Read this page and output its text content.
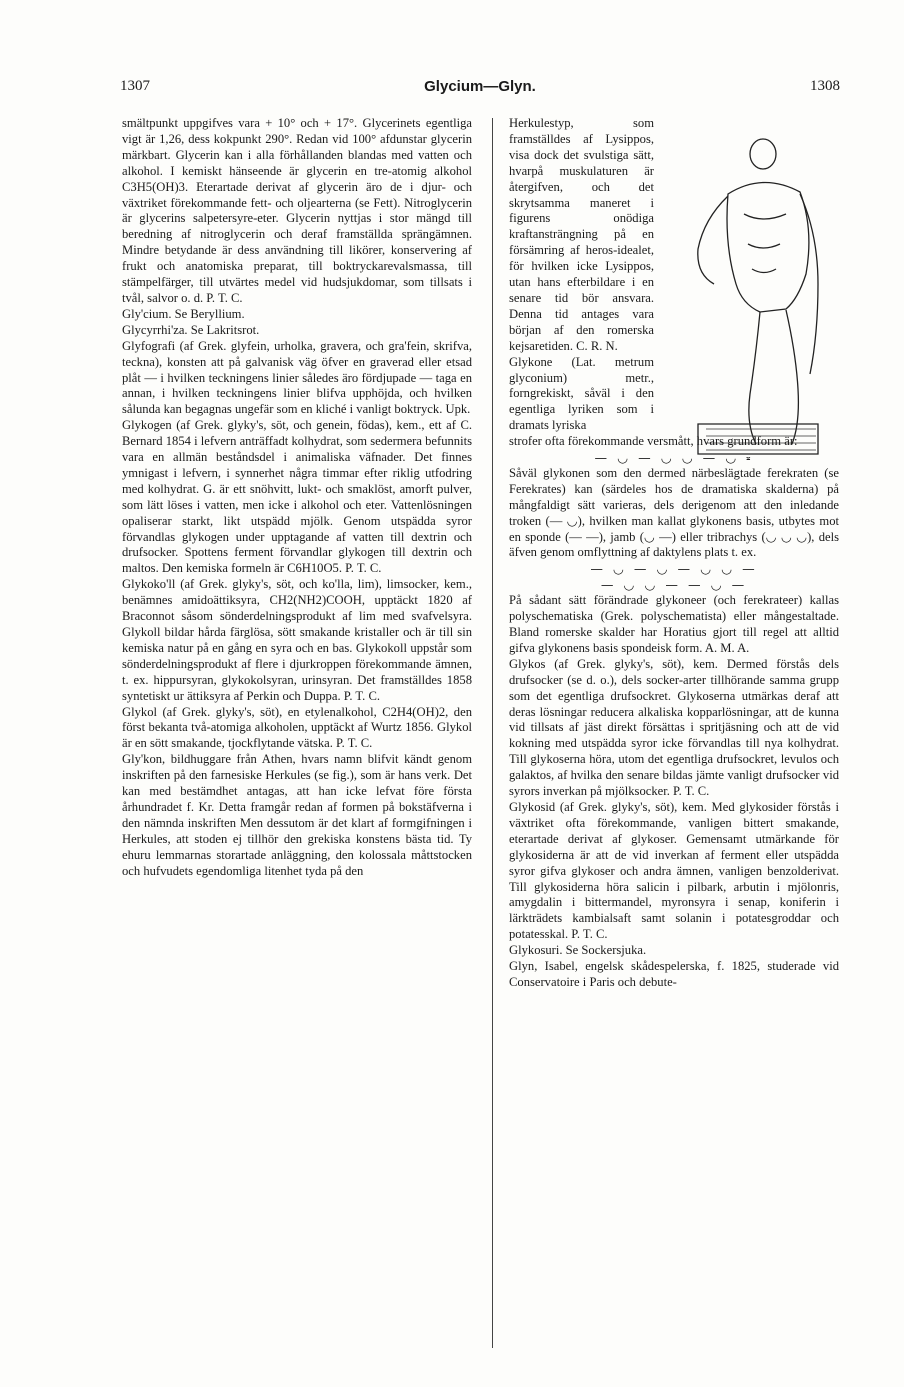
1307	Glycium—Glyn.	1308

smältpunkt uppgifves vara + 10° och + 17°. Glycerinets egentliga vigt är 1,26, dess kokpunkt 290°. Redan vid 100° afdunstar glycerin märkbart. Glycerin kan i alla förhållanden blandas med vatten och alkohol. I kemiskt hänseende är glycerin en tre-atomig alkohol C3H5(OH)3. Eterartade derivat af glycerin äro de i djur- och växtriket förekommande fett- och oljearterna (se Fett). Nitroglycerin är glycerins salpetersyre-eter. Glycerin nyttjas i stor mängd till beredning af nitroglycerin och deraf framställda sprängämnen. Mindre betydande är dess användning till likörer, konservering af frukt och anatomiska preparat, till boktryckarevalsmassa, till stämpelfärger, till utvärtes medel vid hudsjukdomar, som tillsats i tvål, salvor o. d. P. T. C.

Gly'cium. Se Beryllium.

Glycyrrhi'za. Se Lakritsrot.

Glyfografi (af Grek. glyfein, urholka, gravera, och gra'fein, skrifva, teckna), konsten att på galvanisk väg öfver en graverad eller etsad plåt — i hvilken teckningens linier således äro fördjupade — taga en annan, i hvilken teckningens linier blifva upphöjda, och hvilken sålunda kan begagnas ungefär som en kliché i vanligt boktryck. Upk.

Glykogen (af Grek. glyky's, söt, och genein, födas), kem., ett af C. Bernard 1854 i lefvern anträffadt kolhydrat, som sedermera befunnits vara en allmän beståndsdel i animaliska väfnader. Det finnes ymnigast i lefvern, i synnerhet några timmar efter riklig utfodring med kolhydrat. G. är ett snöhvitt, lukt- och smaklöst, amorft pulver, som lätt löses i vatten, men icke i alkohol och eter. Vattenlösningen opaliserar starkt, likt utspädd mjölk. Genom utspädda syror förvandlas glykogen under upptagande af vatten till dextrin och drufsocker. Spottens ferment förvandlar glykogen till dextrin och maltos. Den kemiska formeln är C6H10O5. P. T. C.

Glykoko'll (af Grek. glyky's, söt, och ko'lla, lim), limsocker, kem., benämnes amidoättiksyra, CH2(NH2)COOH, upptäckt 1820 af Braconnot såsom sönderdelningsprodukt af lim med svafvelsyra. Glykoll bildar hårda färglösa, sött smakande kristaller och är till sin kemiska natur på en gång en syra och en bas. Glykokoll uppstår som sönderdelningsprodukt af flere i djurkroppen förekommande ämnen, t. ex. hippursyran, glykokolsyran, urinsyran. Det framställdes 1858 syntetiskt ur ättiksyra af Perkin och Duppa. P. T. C.

Glykol (af Grek. glyky's, söt), en etylenalkohol, C2H4(OH)2, den först bekanta två-atomiga alkoholen, upptäckt af Wurtz 1856. Glykol är en sött smakande, tjockflytande vätska. P. T. C.

Gly'kon, bildhuggare från Athen, hvars namn blifvit kändt genom inskriften på den farnesiske Herkules (se fig.), som är hans verk. Det kan med bestämdhet antagas, att han icke lefvat före första århundradet f. Kr. Detta framgår redan af formen på bokstäfverna i den nämnda inskriften Men dessutom är det klart af formgifningen i Herkules, att stoden ej tillhör den grekiska konstens bästa tid. Ty ehuru lemmarnas storartade anläggning, den kolossala måttstocken och hufvudets egendomliga litenhet tyda på den

Herkulestyp, som framställdes af Lysippos, visa dock det svulstiga sätt, hvarpå muskulaturen är återgifven, och det skrytsamma maneret i figurens onödiga kraftansträngning på en försämring af heros-idealet, för hvilken icke Lysippos, utan hans efterbildare i en senare tid bör ansvara. Denna tid antages vara början af den romerska kejsaretiden. C. R. N.

Glykone (Lat. metrum glyconium) metr., forngrekiskt, såväl i den egentliga lyriken som i dramats lyriska

strofer ofta förekommande versmått, hvars grundform är:

— ◡ — ◡ ◡ — ◡ ⏓

Såväl glykonen som den dermed närbeslägtade ferekraten (se Ferekrates) kan (särdeles hos de dramatiska skalderna) på mångfaldigt sätt varieras, dels derigenom att den inledande troken (— ◡), hvilken man kallat glykonens basis, utbytes mot en sponde (— —), jamb (◡ —) eller tribrachys (◡ ◡ ◡), dels äfven genom omflyttning af daktylens plats t. ex.

— ◡ — ◡ — ◡ ◡ —

— ◡ ◡ — — ◡ —

På sådant sätt förändrade glykoneer (och ferekrateer) kallas polyschematiska (Grek. polyschematista) eller mångestaltade. Bland romerske skalder har Horatius gjort till regel att alltid gifva glykonens basis spondeisk form. A. M. A.

Glykos (af Grek. glyky's, söt), kem. Dermed förstås dels drufsocker (se d. o.), dels socker-arter tillhörande samma grupp som det egentliga drufsockret. Glykoserna utmärkas deraf att deras lösningar reducera alkaliska kopparlösningar, att de kunna vid tillsats af jäst direkt försättas i spritjäsning och att de vid kokning med utspädda syror icke förvandlas till nya kolhydrat. Till glykoserna höra, utom det egentliga drufsockret, levulos och galaktos, af hvilka den senare bildas jämte vanligt drufsocker vid syrors inverkan på mjölksocker. P. T. C.

Glykosid (af Grek. glyky's, söt), kem. Med glykosider förstås i växtriket ofta förekommande, vanligen bittert smakande, eterartade derivat af glykoser. Gemensamt utmärkande för glykosiderna är att de vid inverkan af ferment eller utspädda syror gifva glykoser och andra ämnen, vanligen benzolderivat. Till glykosiderna höra salicin i pilbark, arbutin i mjölonris, amygdalin i bittermandel, myronsyra i senap, koniferin i lärkträdets kambialsaft samt solanin i potatesgroddar och potatesskal. P. T. C.

Glykosuri. Se Sockersjuka.

Glyn, Isabel, engelsk skådespelerska, f. 1825, studerade vid Conservatoire i Paris och debute-
